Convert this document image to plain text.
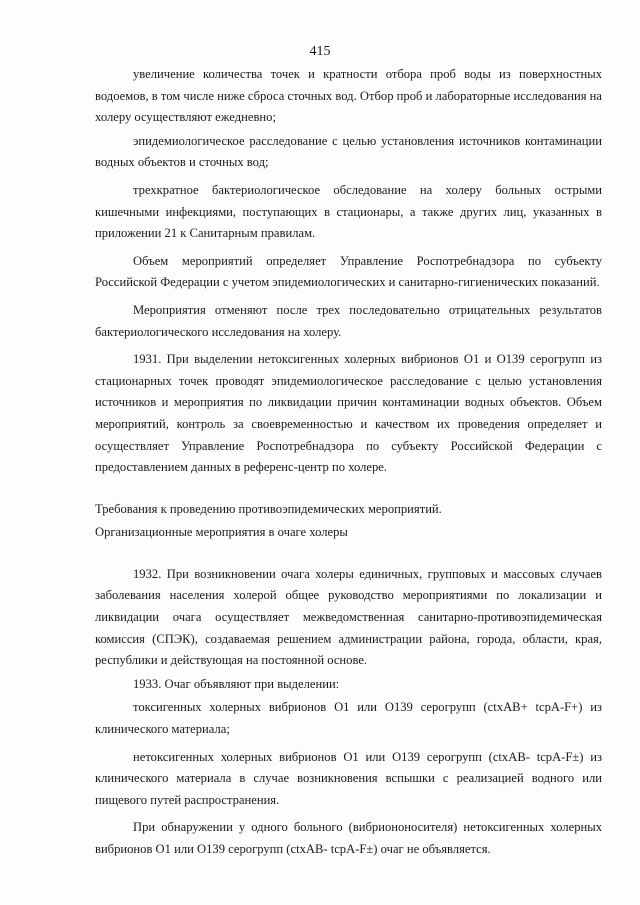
415

увеличение количества точек и кратности отбора проб воды из поверхностных водоемов, в том числе ниже сброса сточных вод. Отбор проб и лабораторные исследования на холеру осуществляют ежедневно;

эпидемиологическое расследование с целью установления источников контаминации водных объектов и сточных вод;

трехкратное бактериологическое обследование на холеру больных острыми кишечными инфекциями, поступающих в стационары, а также других лиц, указанных в приложении 21 к Санитарным правилам.

Объем мероприятий определяет Управление Роспотребнадзора по субъекту Российской Федерации с учетом эпидемиологических и санитарно-гигиенических показаний.

Мероприятия отменяют после трех последовательно отрицательных результатов бактериологического исследования на холеру.

1931. При выделении нетоксигенных холерных вибрионов O1 и O139 серогрупп из стационарных точек проводят эпидемиологическое расследование с целью установления источников и мероприятия по ликвидации причин контаминации водных объектов. Объем мероприятий, контроль за своевременностью и качеством их проведения определяет и осуществляет Управление Роспотребнадзора по субъекту Российской Федерации с предоставлением данных в референс-центр по холере.

Требования к проведению противоэпидемических мероприятий.

Организационные мероприятия в очаге холеры

1932. При возникновении очага холеры единичных, групповых и массовых случаев заболевания населения холерой общее руководство мероприятиями по локализации и ликвидации очага осуществляет межведомственная санитарно-противоэпидемическая комиссия (СПЭК), создаваемая решением администрации района, города, области, края, республики и действующая на постоянной основе.

1933. Очаг объявляют при выделении:

токсигенных холерных вибрионов O1 или O139 серогрупп (ctxAB+ tcpA-F+) из клинического материала;

нетоксигенных холерных вибрионов O1 или O139 серогрупп (ctxAB- tcpA-F±) из клинического материала в случае возникновения вспышки с реализацией водного или пищевого путей распространения.

При обнаружении у одного больного (вибриононосителя) нетоксигенных холерных вибрионов O1 или O139 серогрупп (ctxAB- tcpA-F±) очаг не объявляется.
